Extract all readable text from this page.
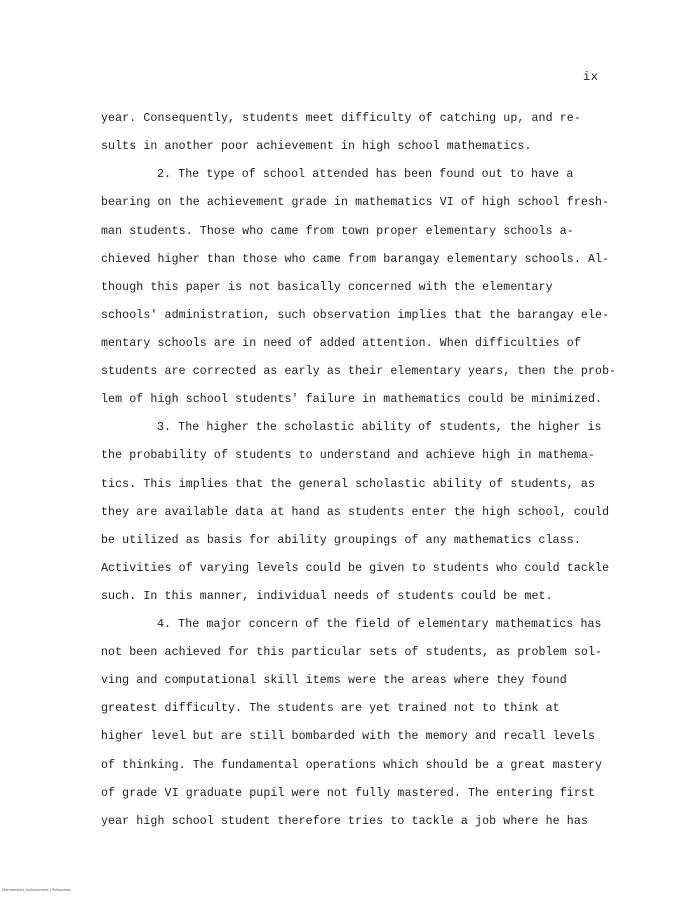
ix
year. Consequently, students meet difficulty of catching up, and re-
sults in another poor achievement in high school mathematics.
2. The type of school attended has been found out to have a
bearing on the achievement grade in mathematics VI of high school fresh-
man students. Those who came from town proper elementary schools a-
chieved higher than those who came from barangay elementary schools. Al-
though this paper is not basically concerned with the elementary
schools' administration, such observation implies that the barangay ele-
mentary schools are in need of added attention. When difficulties of
students are corrected as early as their elementary years, then the prob-
lem of high school students' failure in mathematics could be minimized.
3. The higher the scholastic ability of students, the higher is
the probability of students to understand and achieve high in mathema-
tics. This implies that the general scholastic ability of students, as
they are available data at hand as students enter the high school, could
be utilized as basis for ability groupings of any mathematics class.
Activities of varying levels could be given to students who could tackle
such. In this manner, individual needs of students could be met.
4. The major concern of the field of elementary mathematics has
not been achieved for this particular sets of students, as problem sol-
ving and computational skill items were the areas where they found
greatest difficulty. The students are yet trained not to think at
higher level but are still bombarded with the memory and recall levels
of thinking. The fundamental operations which should be a great mastery
of grade VI graduate pupil were not fully mastered. The entering first
year high school student therefore tries to tackle a job where he has
Mathematics Achievement | Philippines
